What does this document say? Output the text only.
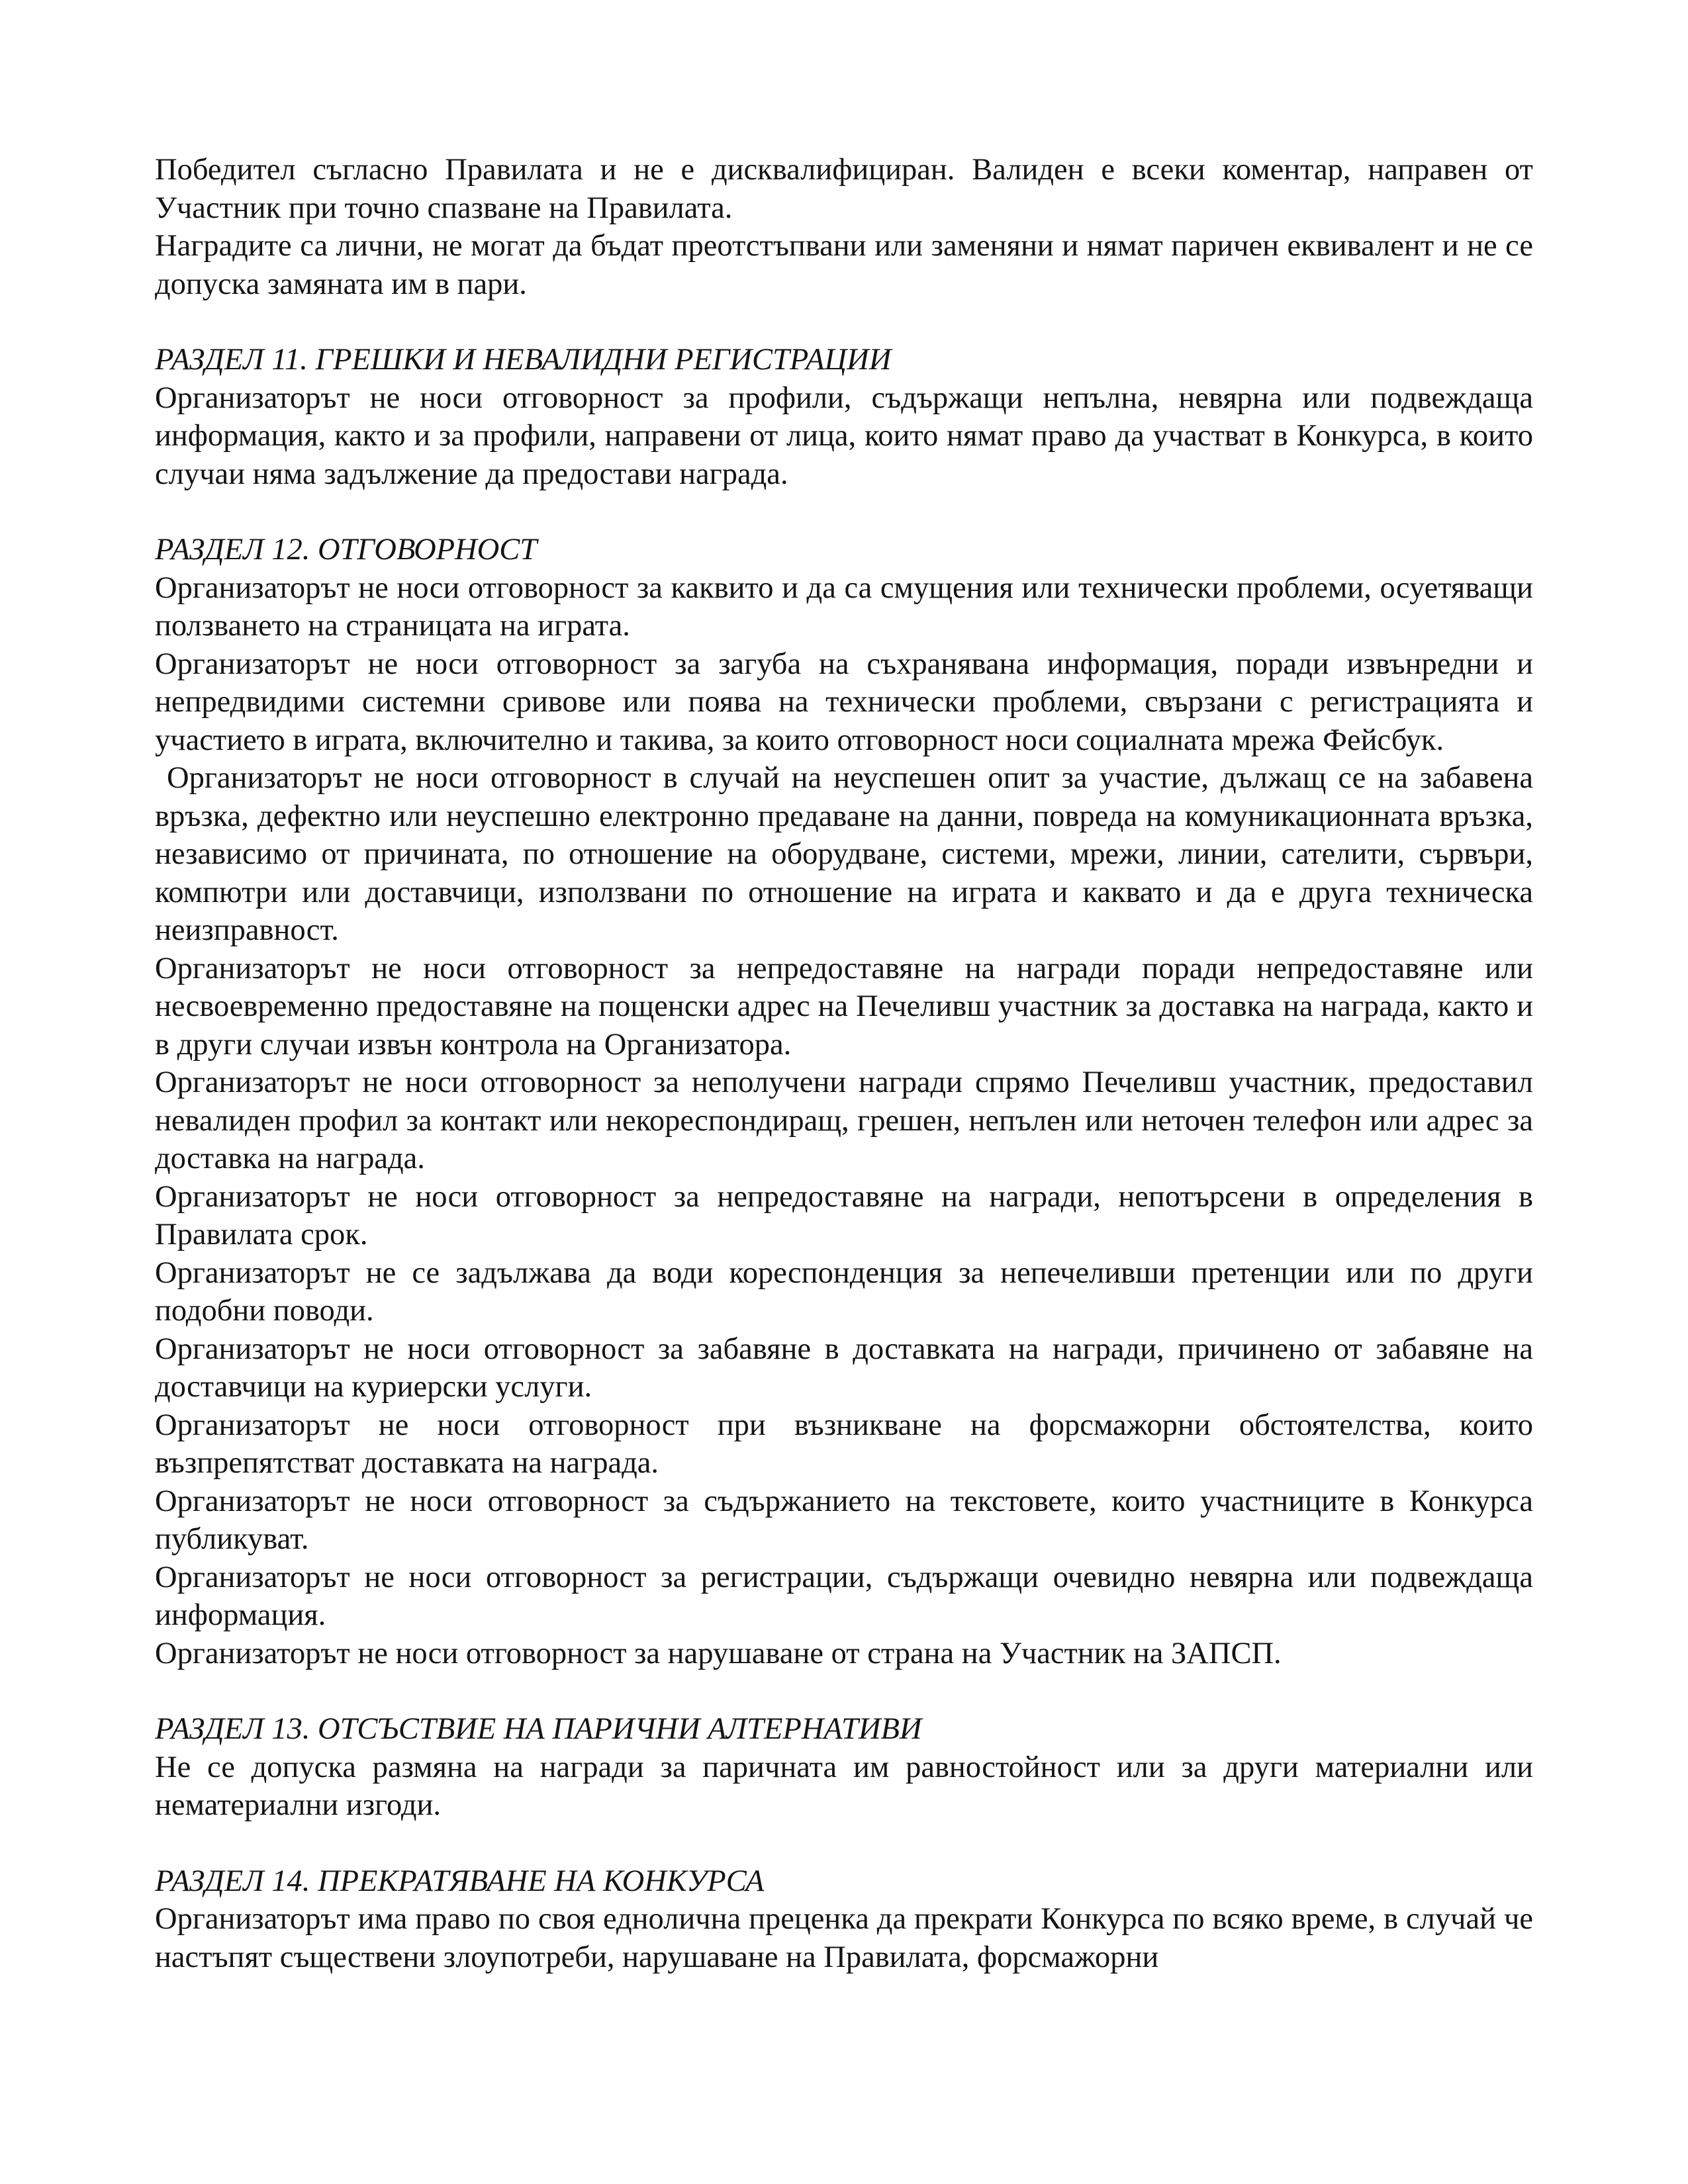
Победител съгласно Правилата и не е дисквалифициран. Валиден е всеки коментар, направен от Участник при точно спазване на Правилата.

Наградите са лични, не могат да бъдат преотстъпвани или заменяни и нямат паричен еквивалент и не се допуска замяната им в пари.

РАЗДЕЛ 11. ГРЕШКИ И НЕВАЛИДНИ РЕГИСТРАЦИИ

Организаторът не носи отговорност за профили, съдържащи непълна, невярна или подвеждаща информация, както и за профили, направени от лица, които нямат право да участват в Конкурса, в които случаи няма задължение да предостави награда.

РАЗДЕЛ 12. ОТГОВОРНОСТ

Организаторът не носи отговорност за каквито и да са смущения или технически проблеми, осуетяващи ползването на страницата на играта.

Организаторът не носи отговорност за загуба на съхранявана информация, поради извънредни и непредвидими системни сривове или поява на технически проблеми, свързани с регистрацията и участието в играта, включително и такива, за които отговорност носи социалната мрежа Фейсбук.

Организаторът не носи отговорност в случай на неуспешен опит за участие, дължащ се на забавена връзка, дефектно или неуспешно електронно предаване на данни, повреда на комуникационната връзка, независимо от причината, по отношение на оборудване, системи, мрежи, линии, сателити, сървъри, компютри или доставчици, използвани по отношение на играта и каквато и да е друга техническа неизправност.

Организаторът не носи отговорност за непредоставяне на награди поради непредоставяне или несвоевременно предоставяне на пощенски адрес на Печеливш участник за доставка на награда, както и в други случаи извън контрола на Организатора.

Организаторът не носи отговорност за неполучени награди спрямо Печеливш участник, предоставил невалиден профил за контакт или некореспондиращ, грешен, непълен или неточен телефон или адрес за доставка на награда.

Организаторът не носи отговорност за непредоставяне на награди, непотърсени в определения в Правилата срок.

Организаторът не се задължава да води кореспонденция за непечеливши претенции или по други подобни поводи.

Организаторът не носи отговорност за забавяне в доставката на награди, причинено от забавяне на доставчици на куриерски услуги.

Организаторът не носи отговорност при възникване на форсмажорни обстоятелства, които възпрепятстват доставката на награда.

Организаторът не носи отговорност за съдържанието на текстовете, които участниците в Конкурса публикуват.

Организаторът не носи отговорност за регистрации, съдържащи очевидно невярна или подвеждаща информация.

Организаторът не носи отговорност за нарушаване от страна на Участник на ЗАПСП.

РАЗДЕЛ 13. ОТСЪСТВИЕ НА ПАРИЧНИ АЛТЕРНАТИВИ

Не се допуска размяна на награди за паричната им равностойност или за други материални или нематериални изгоди.

РАЗДЕЛ 14. ПРЕКРАТЯВАНЕ НА КОНКУРСА

Организаторът има право по своя еднолична преценка да прекрати Конкурса по всяко време, в случай че настъпят съществени злоупотреби, нарушаване на Правилата, форсмажорни
